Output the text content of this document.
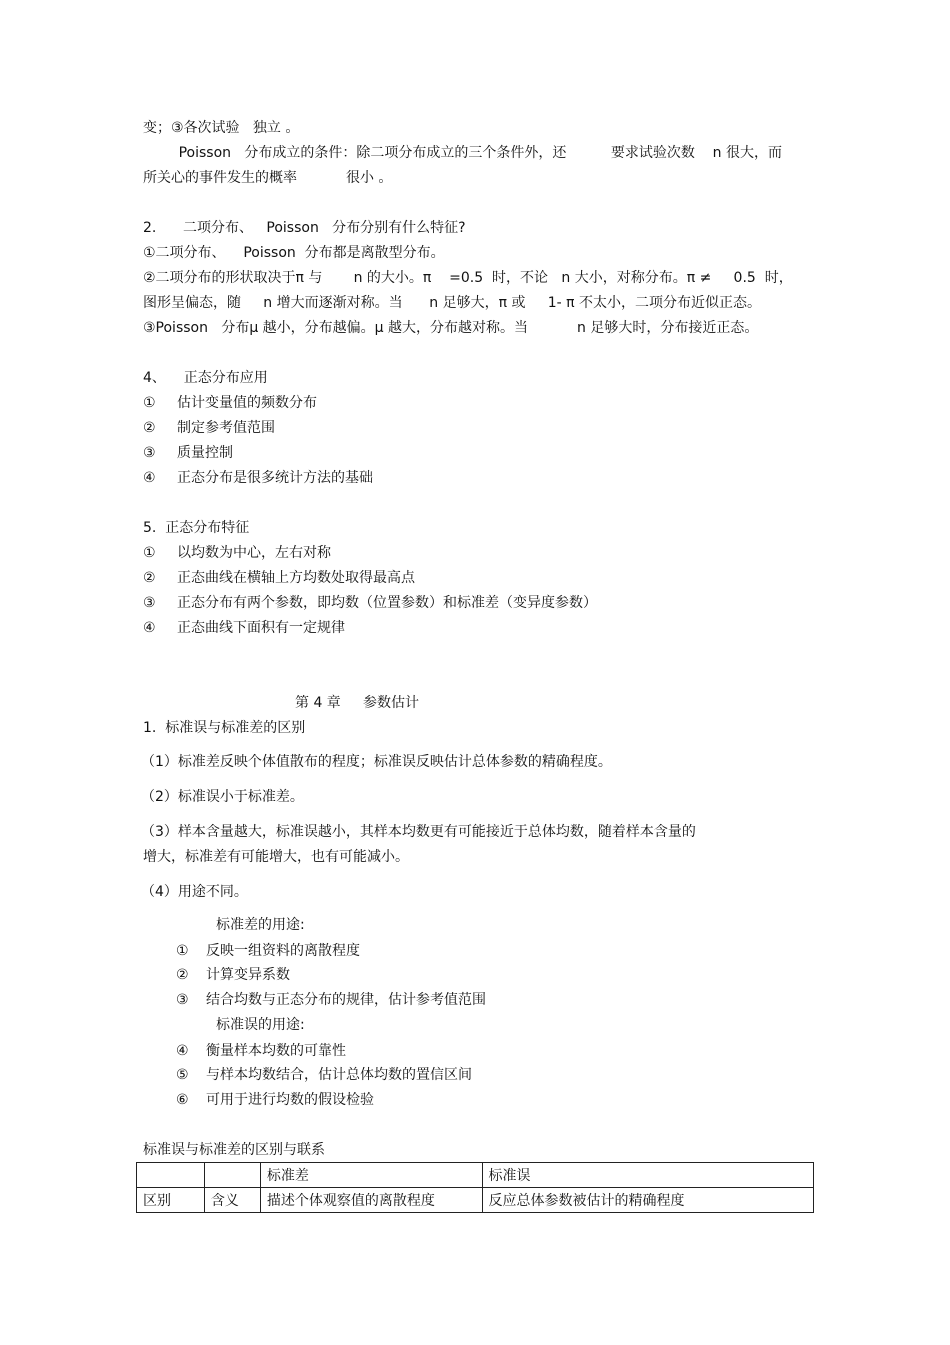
变；③各次试验   独立 。
Poisson   分布成立的条件：除二项分布成立的三个条件外，还          要求试验次数    n 很大，而
所关心的事件发生的概率           很小 。
2.      二项分布、   Poisson   分布分别有什么特征?
①二项分布、    Poisson  分布都是离散型分布。
②二项分布的形状取决于π 与       n 的大小。π    =0.5  时，不论   n 大小，对称分布。π ≠     0.5  时，
图形呈偏态，随     n 增大而逐渐对称。当      n 足够大，π 或     1- π 不太小，二项分布近似正态。
③Poisson   分布μ 越小，分布越偏。μ 越大，分布越对称。当           n 足够大时，分布接近正态。
4、    正态分布应用
① 估计变量值的频数分布
② 制定参考值范围
③ 质量控制
④ 正态分布是很多统计方法的基础
5.  正态分布特征
① 以均数为中心，左右对称
② 正态曲线在横轴上方均数处取得最高点
③ 正态分布有两个参数，即均数（位置参数）和标准差（变异度参数）
④ 正态曲线下面积有一定规律
第 4 章     参数估计
1.  标准误与标准差的区别
（1）标准差反映个体值散布的程度；标准误反映估计总体参数的精确程度。
（2）标准误小于标准差。
（3）样本含量越大，标准误越小，其样本均数更有可能接近于总体均数，随着样本含量的
增大，标准差有可能增大，也有可能减小。
（4）用途不同。
标准差的用途:
① 反映一组资料的离散程度
② 计算变异系数
③ 结合均数与正态分布的规律，估计参考值范围
标准误的用途:
④ 衡量样本均数的可靠性
⑤ 与样本均数结合，估计总体均数的置信区间
⑥ 可用于进行均数的假设检验
标准误与标准差的区别与联系
		标准差	标准误
区别	含义	描述个体观察值的离散程度	反应总体参数被估计的精确程度
